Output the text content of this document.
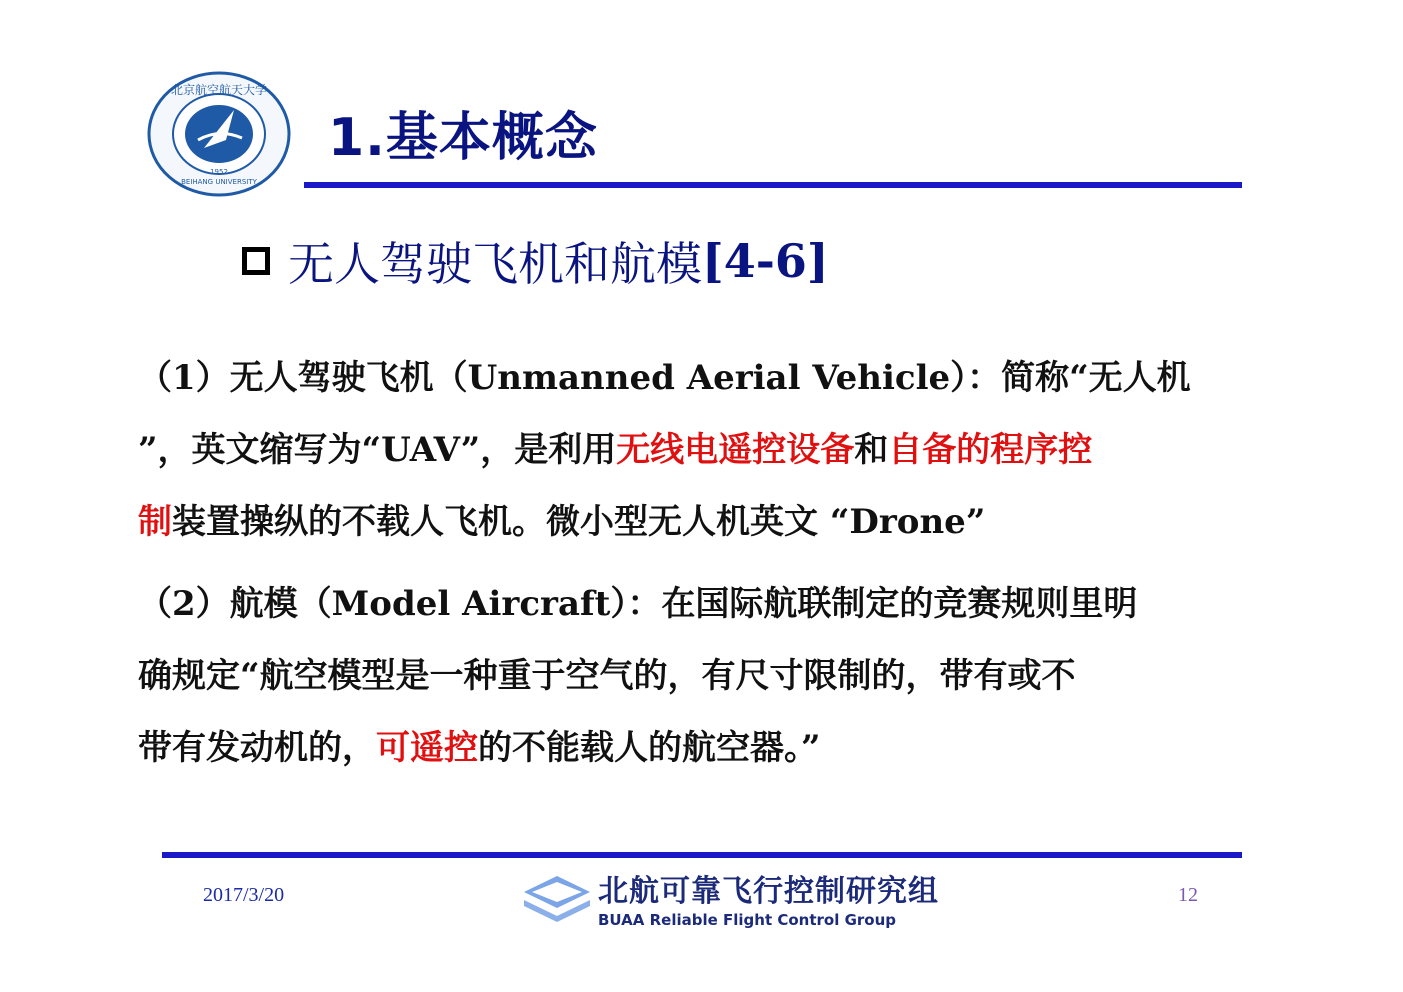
北京航空航天大学
BEIHANG UNIVERSITY
1952
1.基本概念
无人驾驶飞机和航模 [4-6]
（1）无人驾驶飞机（Unmanned Aerial Vehicle）：简称“无人机
”，英文缩写为“UAV”，是利用无线电遥控设备和自备的程序控
制装置操纵的不载人飞机。微小型无人机英文 “Drone”
（2）航模（Model Aircraft）：在国际航联制定的竞赛规则里明
确规定“航空模型是一种重于空气的，有尺寸限制的，带有或不
带有发动机的，可遥控的不能载人的航空器。”
2017/3/20	北航可靠飞行控制研究组
BUAA Reliable Flight Control Group
12
